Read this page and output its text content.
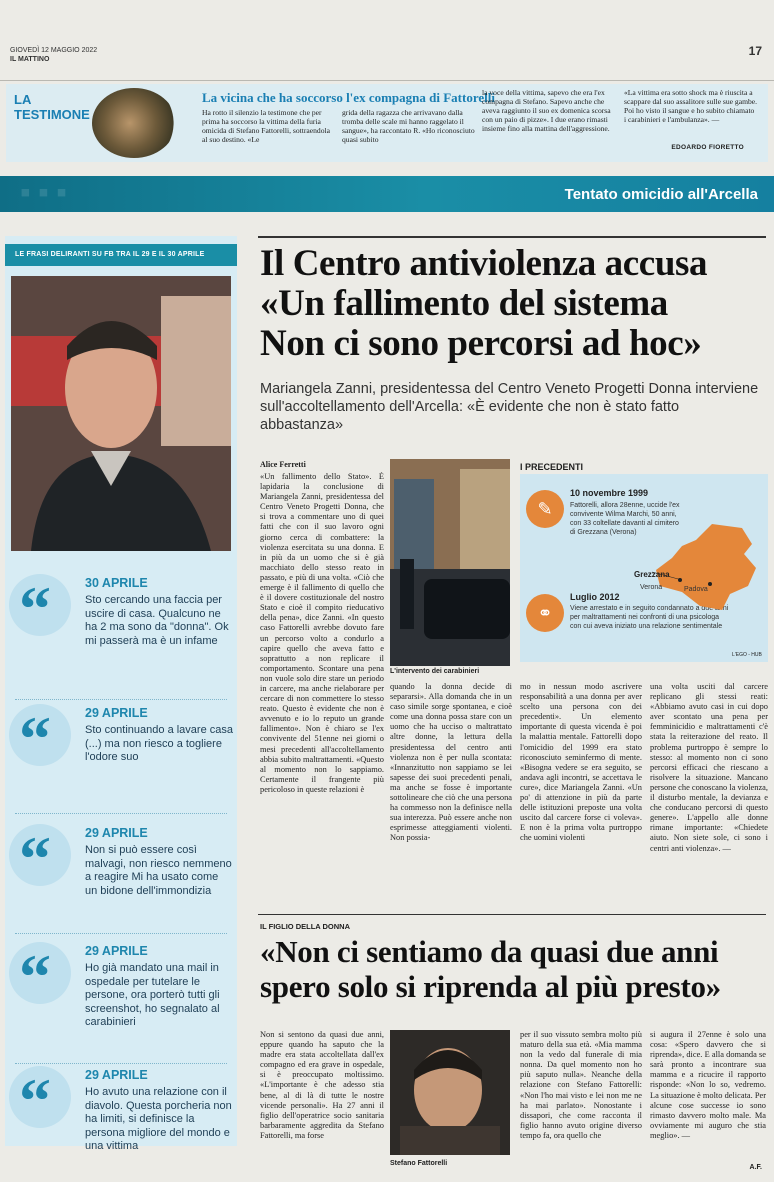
GIOVEDÌ 12 MAGGIO 2022
IL MATTINO
17
LA
TESTIMONE
La vicina che ha soccorso l'ex compagna di Fattorelli
Ha rotto il silenzio la testimone che per prima ha soccorso la vittima della furia omicida di Stefano Fattorelli, sottraendola al suo destino. «Le
grida della ragazza che arrivavano dalla tromba delle scale mi hanno raggelato il sangue», ha raccontato R. «Ho riconosciuto quasi subito
la voce della vittima, sapevo che era l'ex compagna di Stefano. Sapevo anche che aveva raggiunto il suo ex domenica scorsa con un paio di pizze». I due erano rimasti insieme fino alla mattina dell'aggressione.
«La vittima era sotto shock ma è riuscita a scappare dal suo assalitore sulle sue gambe. Poi ho visto il sangue e ho subito chiamato i carabinieri e l'ambulanza». —
EDOARDO FIORETTO
▪ ▪ ▪	Tentato omicidio all'Arcella
LE FRASI DELIRANTI SU FB TRA IL 29 E IL 30 APRILE
“	30 APRILE
Sto cercando una faccia per uscire di casa. Qualcuno ne ha 2 ma sono da "donna". Ok mi passerà ma è un infame
“	29 APRILE
Sto continuando a lavare casa (...) ma non riesco a togliere l'odore suo
“	29 APRILE
Non si può essere così malvagi, non riesco nemmeno a reagire Mi ha usato come un bidone dell'immondizia
“	29 APRILE
Ho già mandato una mail in ospedale per tutelare le persone, ora porterò tutti gli screenshot, ho segnalato al carabinieri
“	29 APRILE
Ho avuto una relazione con il diavolo. Questa porcheria non ha limiti, si definisce la persona migliore del mondo e una vittima
Il Centro antiviolenza accusa
«Un fallimento del sistema
Non ci sono percorsi ad hoc»
Mariangela Zanni, presidentessa del Centro Veneto Progetti Donna interviene sull'accoltellamento dell'Arcella: «È evidente che non è stato fatto abbastanza»
Alice Ferretti
«Un fallimento dello Stato». È lapidaria la conclusione di Mariangela Zanni, presidentessa del Centro Veneto Progetti Donna, che si trova a commentare uno di quei fatti che con il suo lavoro ogni giorno cerca di combattere: la violenza esercitata su una donna. E in più da un uomo che si è già macchiato dello stesso reato in passato, e più di una volta. «Ciò che emerge è il fallimento di quello che è il dovere costituzionale del nostro Stato e cioè il compito rieducativo della pena», dice Zanni. «In questo caso Fattorelli avrebbe dovuto fare un percorso volto a condurlo a capire quello che aveva fatto e soprattutto a non replicare il comportamento. Scontare una pena non vuole solo dire stare un periodo in carcere, ma anche rielaborare per cercare di non commettere lo stesso reato. Questo è evidente che non è avvenuto e io lo reputo un grande fallimento». Non è chiaro se l'ex convivente del 51enne nei giorni o mesi precedenti all'accoltellamento abbia subito maltrattamenti. «Questo al momento non lo sappiamo. Certamente il frangente più pericoloso in queste relazioni è
L'intervento dei carabinieri
quando la donna decide di separarsi». Alla domanda che in un caso simile sorge spontanea, e cioè come una donna possa stare con un uomo che ha ucciso o maltrattato altre donne, la lettura della presidentessa del centro anti violenza non è per nulla scontata: «Innanzitutto non sappiamo se lei sapesse dei suoi precedenti penali, ma anche se fosse è importante sottolineare che ciò che una persona ha commesso non la definisce nella sua interezza. Può essere anche non esprimesse atteggiamenti violenti. Non possia-
mo in nessun modo ascrivere responsabilità a una donna per aver scelto una persona con dei precedenti». Un elemento importante di questa vicenda è poi la malattia mentale. Fattorelli dopo l'omicidio del 1999 era stato riconosciuto seminfermo di mente. «Bisogna vedere se era seguito, se andava agli incontri, se accettava le cure», dice Mariangela Zanni. «Un po' di attenzione in più da parte delle istituzioni preposte una volta uscito dal carcere forse ci voleva». E non è la prima volta purtroppo che uomini violenti
una volta usciti dal carcere replicano gli stessi reati: «Abbiamo avuto casi in cui dopo aver scontato una pena per femminicidio e maltrattamenti c'è stata la reiterazione del reato. Il problema purtroppo è sempre lo stesso: al momento non ci sono percorsi efficaci che riescano a risolvere la situazione. Mancano persone che conoscano la violenza, il disturbo mentale, la devianza e che conducano percorsi di questo genere». L'appello alle donne rimane importante: «Chiedete aiuto. Non siete sole, ci sono i centri anti violenza». —
I PRECEDENTI
✎
10 novembre 1999
Fattorelli, allora 28enne, uccide l'ex convivente Wilma Marchi, 50 anni, con 33 coltellate davanti al cimitero di Grezzana (Verona)
⚭
Luglio 2012
Viene arrestato e in seguito condannato a due anni per maltrattamenti nei confronti di una psicologa con cui aveva iniziato una relazione sentimentale
L'EGO - HUB
Grezzana
Verona	Padova
IL FIGLIO DELLA DONNA
«Non ci sentiamo da quasi due anni
spero solo si riprenda al più presto»
Non si sentono da quasi due anni, eppure quando ha saputo che la madre era stata accoltellata dall'ex compagno ed era grave in ospedale, si è preoccupato moltissimo. «L'importante è che adesso stia bene, al di là di tutte le nostre vicende personali». Ha 27 anni il figlio dell'operatrice socio sanitaria barbaramente aggredita da Stefano Fattorelli, ma forse
Stefano Fattorelli
per il suo vissuto sembra molto più maturo della sua età. «Mia mamma non la vedo dal funerale di mia nonna. Da quel momento non ho più saputo nulla». Neanche della relazione con Stefano Fattorelli: «Non l'ho mai visto e lei non me ne ha mai parlato». Nonostante i dissapori, che come racconta il figlio hanno avuto origine diverso tempo fa, ora quello che
si augura il 27enne è solo una cosa: «Spero davvero che si riprenda», dice. E alla domanda se sarà pronto a incontrare sua mamma e a ricucire il rapporto risponde: «Non lo so, vedremo. La situazione è molto delicata. Per alcune cose successe io sono rimasto davvero molto male. Ma ovviamente mi auguro che stia meglio». —
A.F.
